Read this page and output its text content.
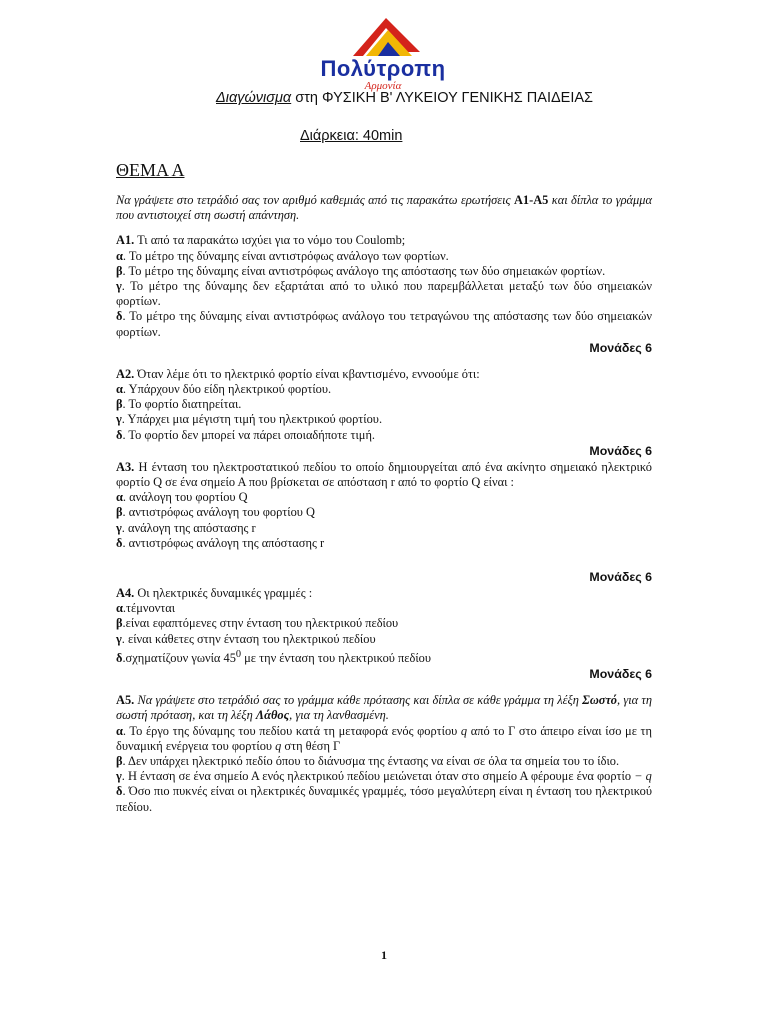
Πολύτροπη
Αρμονία
Διαγώνισμα στη ΦΥΣΙΚΗ Β' ΛΥΚΕΙΟΥ ΓΕΝΙΚΗΣ ΠΑΙΔΕΙΑΣ
Διάρκεια: 40min
ΘΕΜΑ Α

Να γράψετε στο τετράδιό σας τον αριθμό καθεμιάς από τις παρακάτω ερωτήσεις Α1-Α5 και δίπλα το γράμμα που αντιστοιχεί στη σωστή απάντηση.

Α1. Τι από τα παρακάτω ισχύει για το νόμο του Coulomb;

α. Το μέτρο της δύναμης είναι αντιστρόφως ανάλογο των φορτίων.

β. Το μέτρο της δύναμης είναι αντιστρόφως ανάλογο της απόστασης των δύο σημειακών φορτίων.

γ. Το μέτρο της δύναμης δεν εξαρτάται από το υλικό που παρεμβάλλεται μεταξύ των δύο σημειακών φορτίων.

δ. Το μέτρο της δύναμης είναι αντιστρόφως ανάλογο του τετραγώνου της απόστασης των δύο σημειακών φορτίων.

Μονάδες 6

Α2. Όταν λέμε ότι το ηλεκτρικό φορτίο είναι κβαντισμένο, εννοούμε ότι:

α. Υπάρχουν δύο είδη ηλεκτρικού φορτίου.

β. Το φορτίο διατηρείται.

γ. Υπάρχει μια μέγιστη τιμή του ηλεκτρικού φορτίου.

δ. Το φορτίο δεν μπορεί να πάρει οποιαδήποτε τιμή.

Μονάδες 6

Α3. Η ένταση του ηλεκτροστατικού πεδίου το οποίο δημιουργείται από ένα ακίνητο σημειακό ηλεκτρικό φορτίο Q σε ένα σημείο Α που βρίσκεται σε απόσταση r από το φορτίο Q είναι :

α. ανάλογη του φορτίου Q

β. αντιστρόφως ανάλογη του φορτίου Q

γ. ανάλογη της απόστασης r

δ. αντιστρόφως ανάλογη της απόστασης r

Μονάδες 6

Α4. Οι ηλεκτρικές δυναμικές γραμμές :

α.τέμνονται

β.είναι εφαπτόμενες στην ένταση του ηλεκτρικού πεδίου

γ. είναι κάθετες στην ένταση του ηλεκτρικού πεδίου

δ.σχηματίζουν γωνία $45^0$ με την ένταση του ηλεκτρικού πεδίου

Μονάδες 6

Α5. Να γράψετε στο τετράδιό σας το γράμμα κάθε πρότασης και δίπλα σε κάθε γράμμα τη λέξη Σωστό, για τη σωστή πρόταση, και τη λέξη Λάθος, για τη λανθασμένη.

α. Το έργο της δύναμης του πεδίου κατά τη μεταφορά ενός φορτίου q από το Γ στο άπειρο είναι ίσο με τη δυναμική ενέργεια του φορτίου q στη θέση Γ

β. Δεν υπάρχει ηλεκτρικό πεδίο όπου το διάνυσμα της έντασης να είναι σε όλα τα σημεία του το ίδιο.

γ. Η ένταση σε ένα σημείο Α ενός ηλεκτρικού πεδίου μειώνεται όταν στο σημείο Α φέρουμε ένα φορτίο − q

δ. Όσο πιο πυκνές είναι οι ηλεκτρικές δυναμικές γραμμές, τόσο μεγαλύτερη είναι η ένταση του ηλεκτρικού πεδίου.

1
